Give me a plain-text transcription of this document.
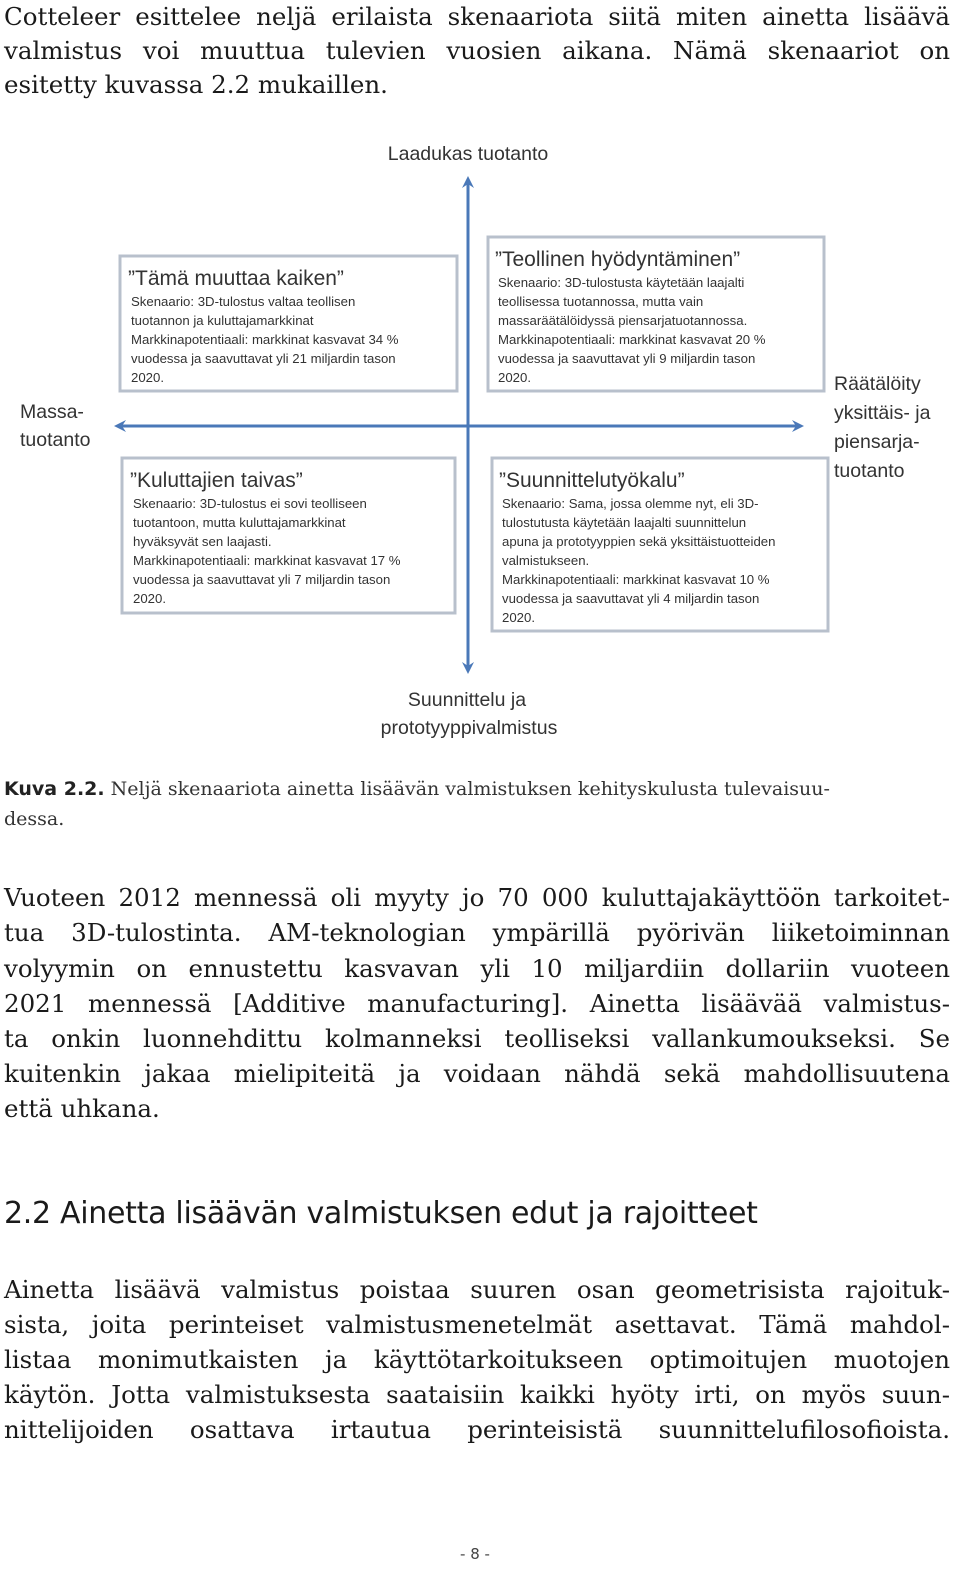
Cotteleer esittelee neljä erilaista skenaariota siitä miten ainetta lisäävä
valmistus voi muuttua tulevien vuosien aikana. Nämä skenaariot on
esitetty kuvassa 2.2 mukaillen.
Laadukas tuotanto
Massa-
tuotanto
Räätälöity
yksittäis- ja
piensarja-
tuotanto
Suunnittelu ja
prototyyppivalmistus
”Tämä muuttaa kaiken”
Skenaario: 3D-tulostus valtaa teollisen
tuotannon ja kuluttajamarkkinat
Markkinapotentiaali: markkinat kasvavat 34 %
vuodessa ja saavuttavat yli 21 miljardin tason
2020.
”Teollinen hyödyntäminen”
Skenaario: 3D-tulostusta käytetään laajalti
teollisessa tuotannossa, mutta vain
massaräätälöidyssä piensarjatuotannossa.
Markkinapotentiaali: markkinat kasvavat 20 %
vuodessa ja saavuttavat yli 9 miljardin tason
2020.
”Kuluttajien taivas”
Skenaario: 3D-tulostus ei sovi teolliseen
tuotantoon, mutta kuluttajamarkkinat
hyväksyvät sen laajasti.
Markkinapotentiaali: markkinat kasvavat 17 %
vuodessa ja saavuttavat yli 7 miljardin tason
2020.
”Suunnittelutyökalu”
Skenaario: Sama, jossa olemme nyt, eli 3D-
tulostutusta käytetään laajalti suunnittelun
apuna ja prototyyppien sekä yksittäistuotteiden
valmistukseen.
Markkinapotentiaali: markkinat kasvavat 10 %
vuodessa ja saavuttavat yli 4 miljardin tason
2020.
Kuva 2.2. Neljä skenaariota ainetta lisäävän valmistuksen kehityskulusta tulevaisuu-
dessa.
Vuoteen 2012 mennessä oli myyty jo 70 000 kuluttajakäyttöön tarkoitet-
tua 3D-tulostinta. AM-teknologian ympärillä pyörivän liiketoiminnan
volyymin on ennustettu kasvavan yli 10 miljardiin dollariin vuoteen
2021 mennessä [Additive manufacturing]. Ainetta lisäävää valmistus-
ta onkin luonnehdittu kolmanneksi teolliseksi vallankumoukseksi. Se
kuitenkin jakaa mielipiteitä ja voidaan nähdä sekä mahdollisuutena
että uhkana.
2.2 Ainetta lisäävän valmistuksen edut ja rajoitteet
Ainetta lisäävä valmistus poistaa suuren osan geometrisista rajoituk-
sista, joita perinteiset valmistusmenetelmät asettavat. Tämä mahdol-
listaa monimutkaisten ja käyttötarkoitukseen optimoitujen muotojen
käytön. Jotta valmistuksesta saataisiin kaikki hyöty irti, on myös suun-
nittelijoiden osattava irtautua perinteisistä suunnittelufilosofioista.
- 8 -
